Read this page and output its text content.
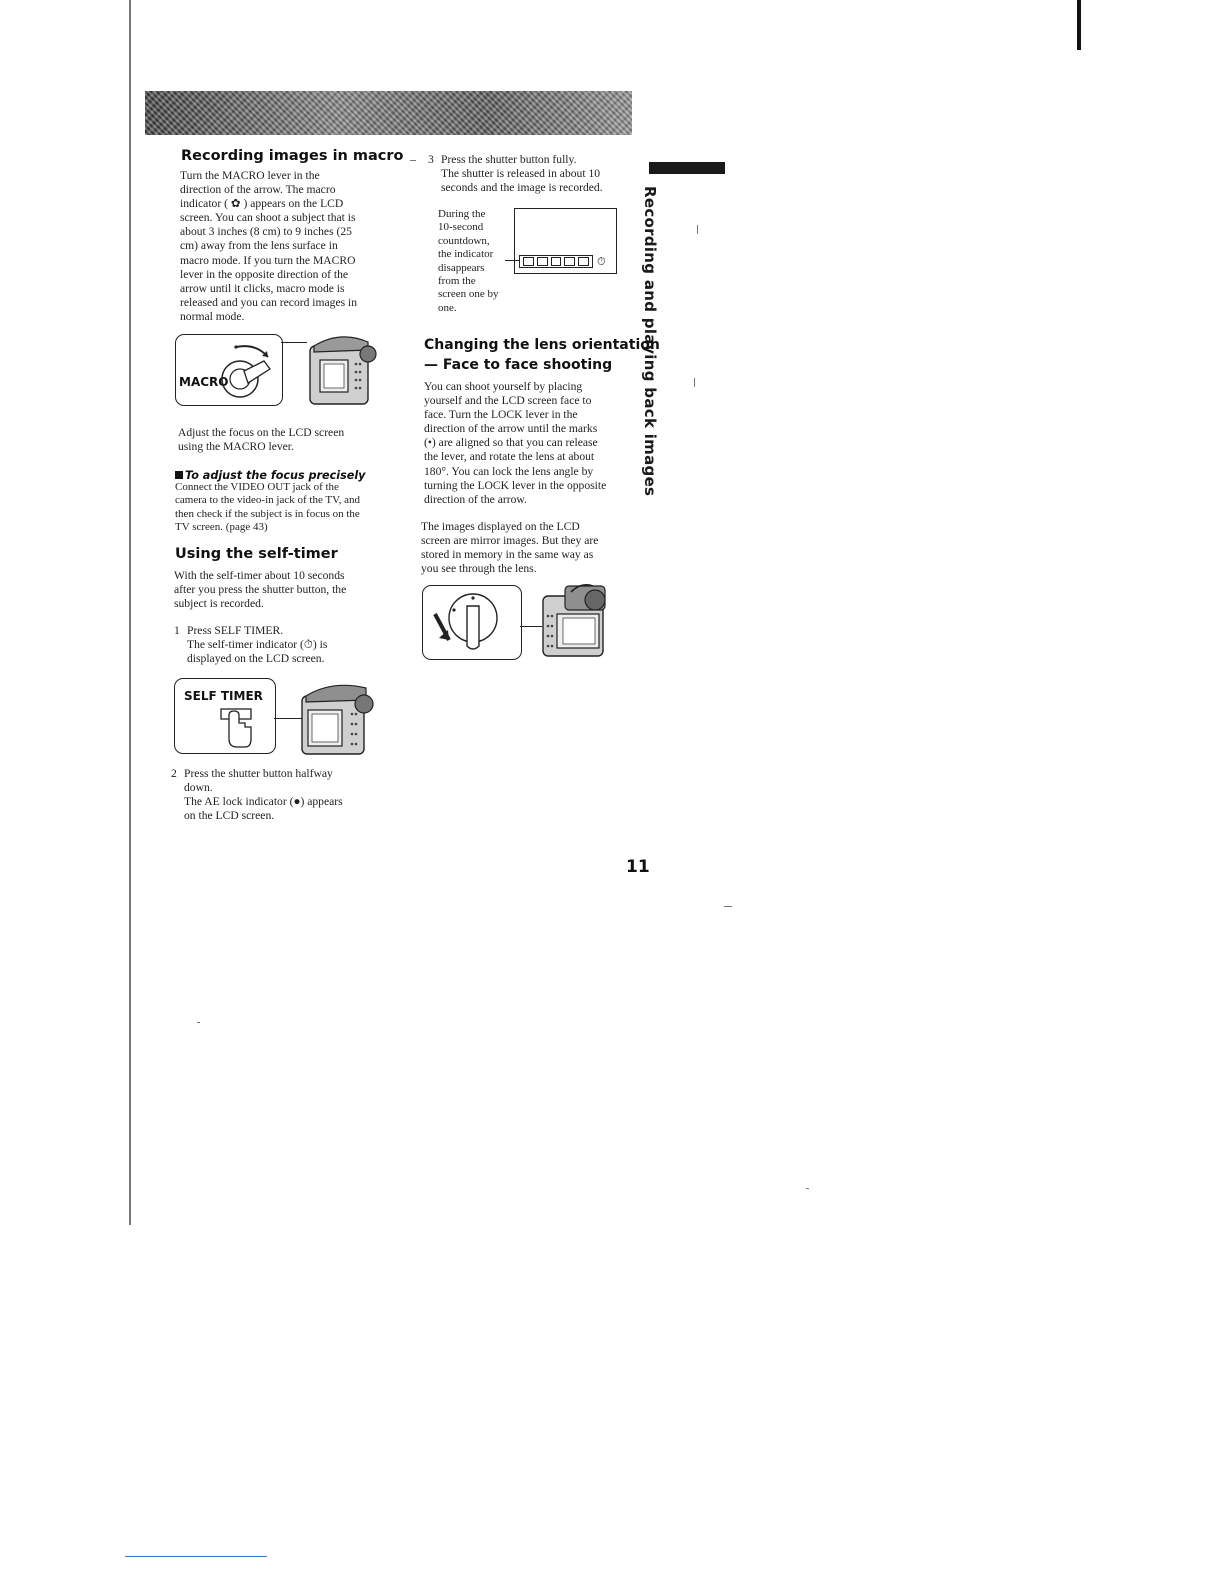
Recording and playing back images
Recording images in macro

Turn the MACRO lever in the

direction of the arrow. The macro

indicator ( ✿ ) appears on the LCD

screen. You can shoot a subject that is

about 3 inches (8 cm) to 9 inches (25

cm) away from the lens surface in

macro mode. If you turn the MACRO

lever in the opposite direction of the

arrow until it clicks, macro mode is

released and you can record images in

normal mode.

MACRO

Adjust the focus on the LCD screen

using the MACRO lever.

To adjust the focus precisely

Connect the VIDEO OUT jack of the

camera to the video-in jack of the TV, and

then check if the subject is in focus on the

TV screen. (page 43)

Using the self-timer

With the self-timer about 10 seconds

after you press the shutter button, the

subject is recorded.

1 Press SELF TIMER.

The self-timer indicator (⏱) is

displayed on the LCD screen.

SELF TIMER
2 Press the shutter button halfway

down.

The AE lock indicator (●) appears

on the LCD screen.

3 Press the shutter button fully.

The shutter is released in about 10

seconds and the image is recorded.

During the

10-second

countdown,

the indicator

disappears

from the

screen one by

one.

⏱
Changing the lens orientation
— Face to face shooting

You can shoot yourself by placing

yourself and the LCD screen face to

face. Turn the LOCK lever in the

direction of the arrow until the marks

(•) are aligned so that you can release

the lever, and rotate the lens at about

180°. You can lock the lens angle by

turning the LOCK lever in the opposite

direction of the arrow.

The images displayed on the LCD

screen are mirror images. But they are

stored in memory in the same way as

you see through the lens.

11
